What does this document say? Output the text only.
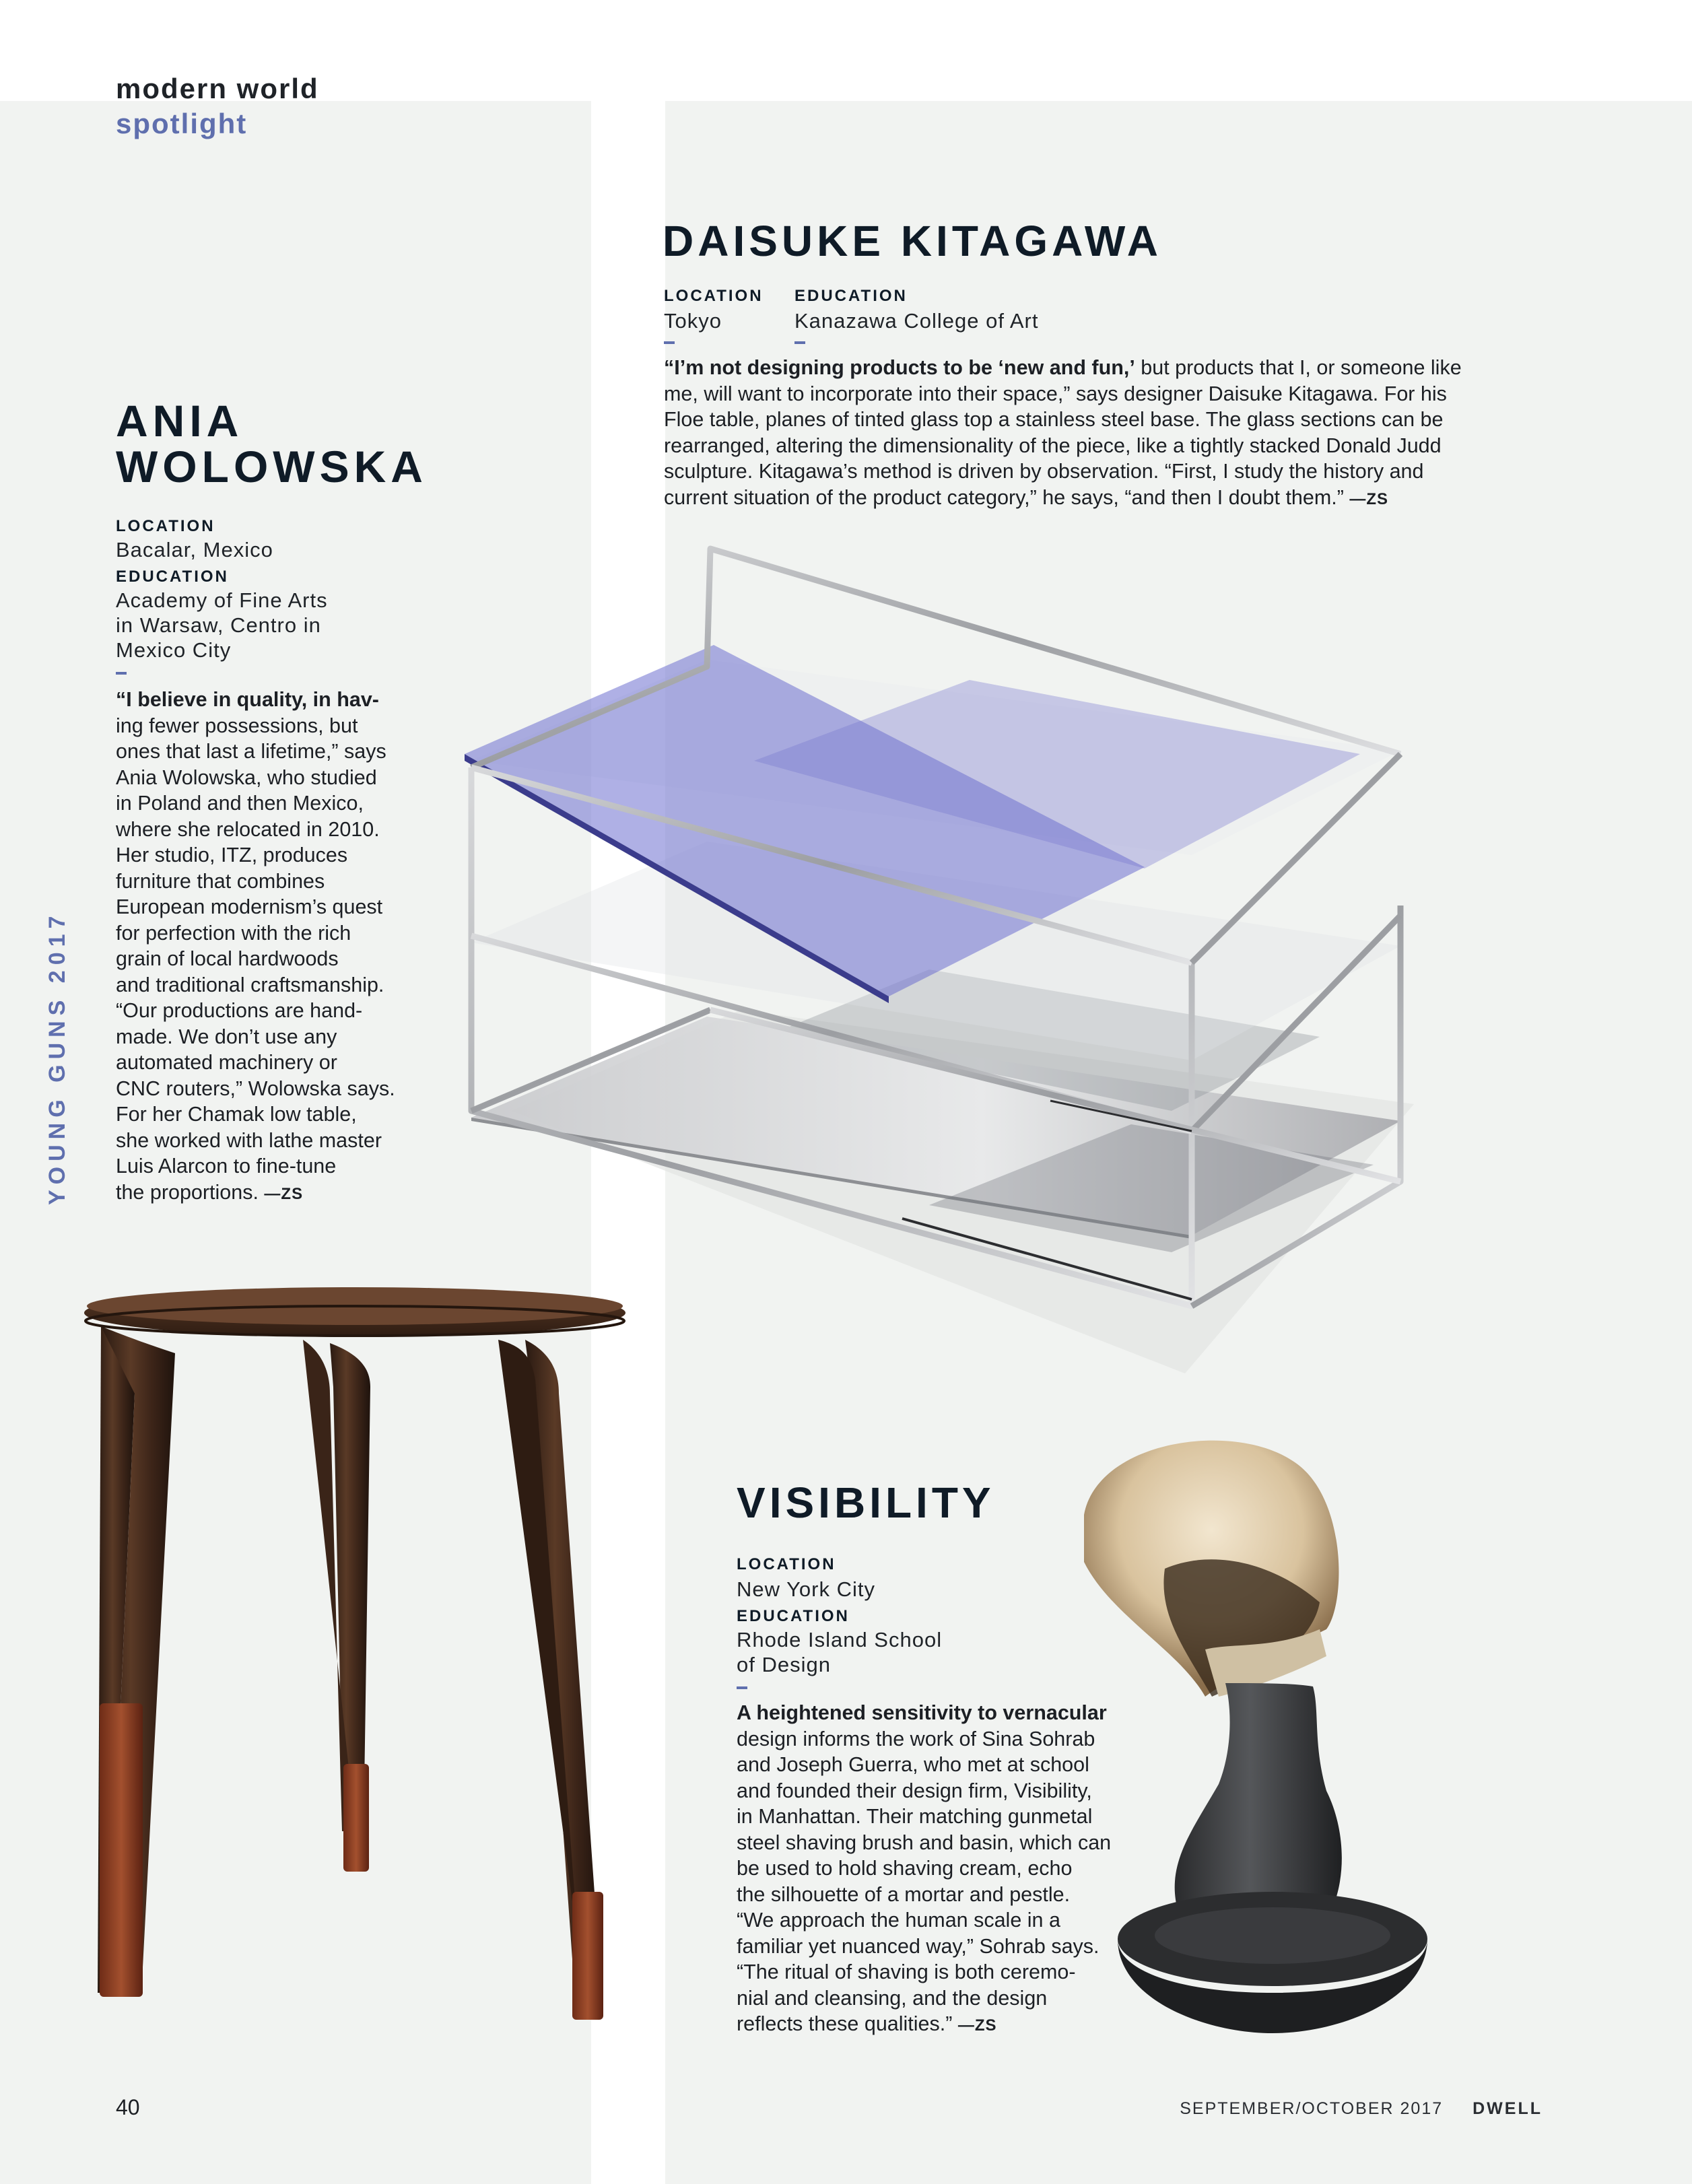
modern world
spotlight
YOUNG GUNS 2017
ANIA
WOLOWSKA
LOCATION
Bacalar, Mexico
EDUCATION
Academy of Fine Arts
in Warsaw, Centro in
Mexico City
“I believe in quality, in hav-
ing fewer possessions, but
ones that last a lifetime,” says
Ania Wolowska, who studied
in Poland and then Mexico,
where she relocated in 2010.
Her studio, ITZ, produces
furniture that combines
European modernism’s quest
for perfection with the rich
grain of local hardwoods
and traditional craftsmanship.
“Our productions are hand-
made. We don’t use any
automated machinery or
CNC routers,” Wolowska says.
For her Chamak low table,
she worked with lathe master
Luis Alarcon to fine-tune
the proportions. —ZS
DAISUKE KITAGAWA
LOCATION
Tokyo
EDUCATION
Kanazawa College of Art
“I’m not designing products to be ‘new and fun,’ but products that I, or someone like
me, will want to incorporate into their space,” says designer Daisuke Kitagawa. For his
Floe table, planes of tinted glass top a stainless steel base. The glass sections can be
rearranged, altering the dimensionality of the piece, like a tightly stacked Donald Judd
sculpture. Kitagawa’s method is driven by observation. “First, I study the history and
current situation of the product category,” he says, “and then I doubt them.” —ZS
VISIBILITY
LOCATION
New York City
EDUCATION
Rhode Island School
of Design
A heightened sensitivity to vernacular
design informs the work of Sina Sohrab
and Joseph Guerra, who met at school
and founded their design firm, Visibility,
in Manhattan. Their matching gunmetal
steel shaving brush and basin, which can
be used to hold shaving cream, echo
the silhouette of a mortar and pestle.
“We approach the human scale in a
familiar yet nuanced way,” Sohrab says.
“The ritual of shaving is both ceremo-
nial and cleansing, and the design
reflects these qualities.” —ZS
40	SEPTEMBER/OCTOBER 2017 DWELL
